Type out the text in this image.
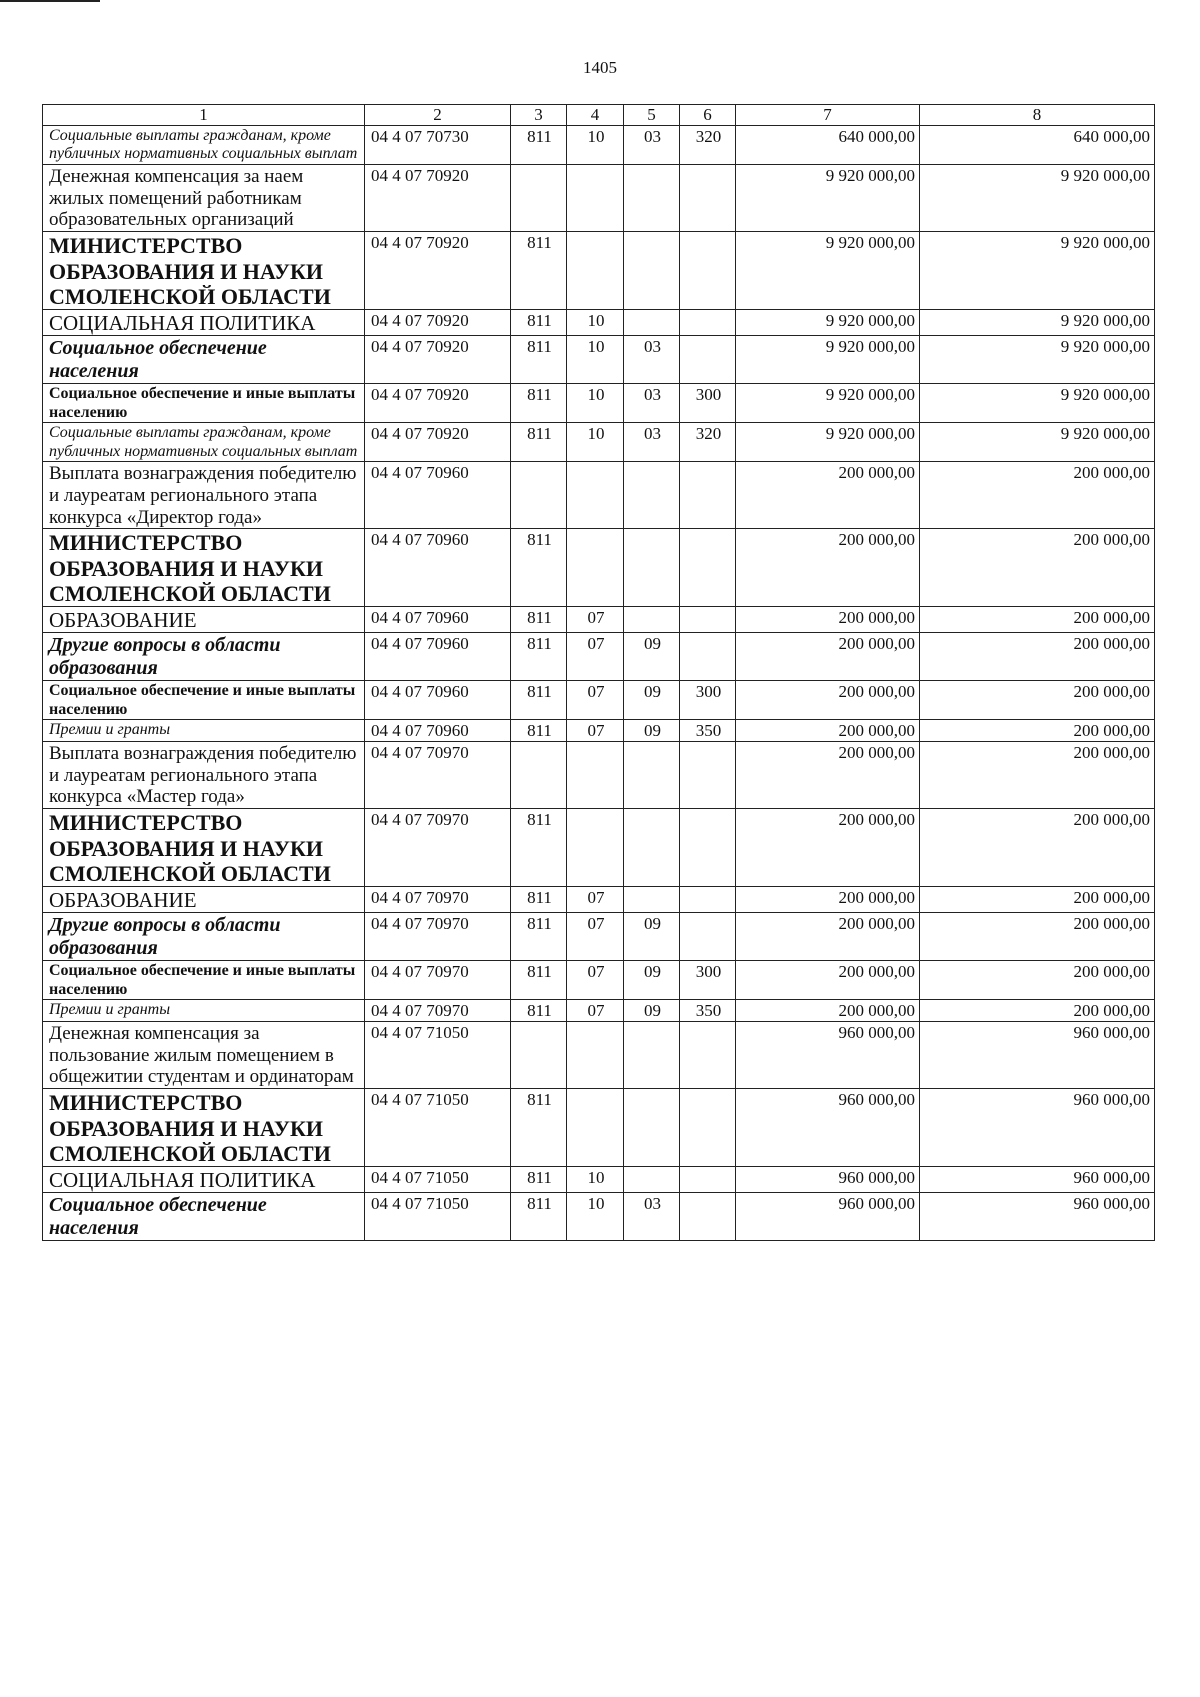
1405
1	2	3	4	5	6	7	8
Социальные выплаты гражданам, кроме публичных нормативных социальных выплат	04 4 07 70730	811	10	03	320	640 000,00	640 000,00
Денежная компенсация за наем жилых помещений работникам образовательных организаций	04 4 07 70920					9 920 000,00	9 920 000,00
МИНИСТЕРСТВО ОБРАЗОВАНИЯ И НАУКИ СМОЛЕНСКОЙ ОБЛАСТИ	04 4 07 70920	811				9 920 000,00	9 920 000,00
СОЦИАЛЬНАЯ ПОЛИТИКА	04 4 07 70920	811	10			9 920 000,00	9 920 000,00
Социальное обеспечение населения	04 4 07 70920	811	10	03		9 920 000,00	9 920 000,00
Социальное обеспечение и иные выплаты населению	04 4 07 70920	811	10	03	300	9 920 000,00	9 920 000,00
Социальные выплаты гражданам, кроме публичных нормативных социальных выплат	04 4 07 70920	811	10	03	320	9 920 000,00	9 920 000,00
Выплата вознаграждения победителю и лауреатам регионального этапа конкурса «Директор года»	04 4 07 70960					200 000,00	200 000,00
МИНИСТЕРСТВО ОБРАЗОВАНИЯ И НАУКИ СМОЛЕНСКОЙ ОБЛАСТИ	04 4 07 70960	811				200 000,00	200 000,00
ОБРАЗОВАНИЕ	04 4 07 70960	811	07			200 000,00	200 000,00
Другие вопросы в области образования	04 4 07 70960	811	07	09		200 000,00	200 000,00
Социальное обеспечение и иные выплаты населению	04 4 07 70960	811	07	09	300	200 000,00	200 000,00
Премии и гранты	04 4 07 70960	811	07	09	350	200 000,00	200 000,00
Выплата вознаграждения победителю и лауреатам регионального этапа конкурса «Мастер года»	04 4 07 70970					200 000,00	200 000,00
МИНИСТЕРСТВО ОБРАЗОВАНИЯ И НАУКИ СМОЛЕНСКОЙ ОБЛАСТИ	04 4 07 70970	811				200 000,00	200 000,00
ОБРАЗОВАНИЕ	04 4 07 70970	811	07			200 000,00	200 000,00
Другие вопросы в области образования	04 4 07 70970	811	07	09		200 000,00	200 000,00
Социальное обеспечение и иные выплаты населению	04 4 07 70970	811	07	09	300	200 000,00	200 000,00
Премии и гранты	04 4 07 70970	811	07	09	350	200 000,00	200 000,00
Денежная компенсация за пользование жилым помещением в общежитии студентам и ординаторам	04 4 07 71050					960 000,00	960 000,00
МИНИСТЕРСТВО ОБРАЗОВАНИЯ И НАУКИ СМОЛЕНСКОЙ ОБЛАСТИ	04 4 07 71050	811				960 000,00	960 000,00
СОЦИАЛЬНАЯ ПОЛИТИКА	04 4 07 71050	811	10			960 000,00	960 000,00
Социальное обеспечение населения	04 4 07 71050	811	10	03		960 000,00	960 000,00
